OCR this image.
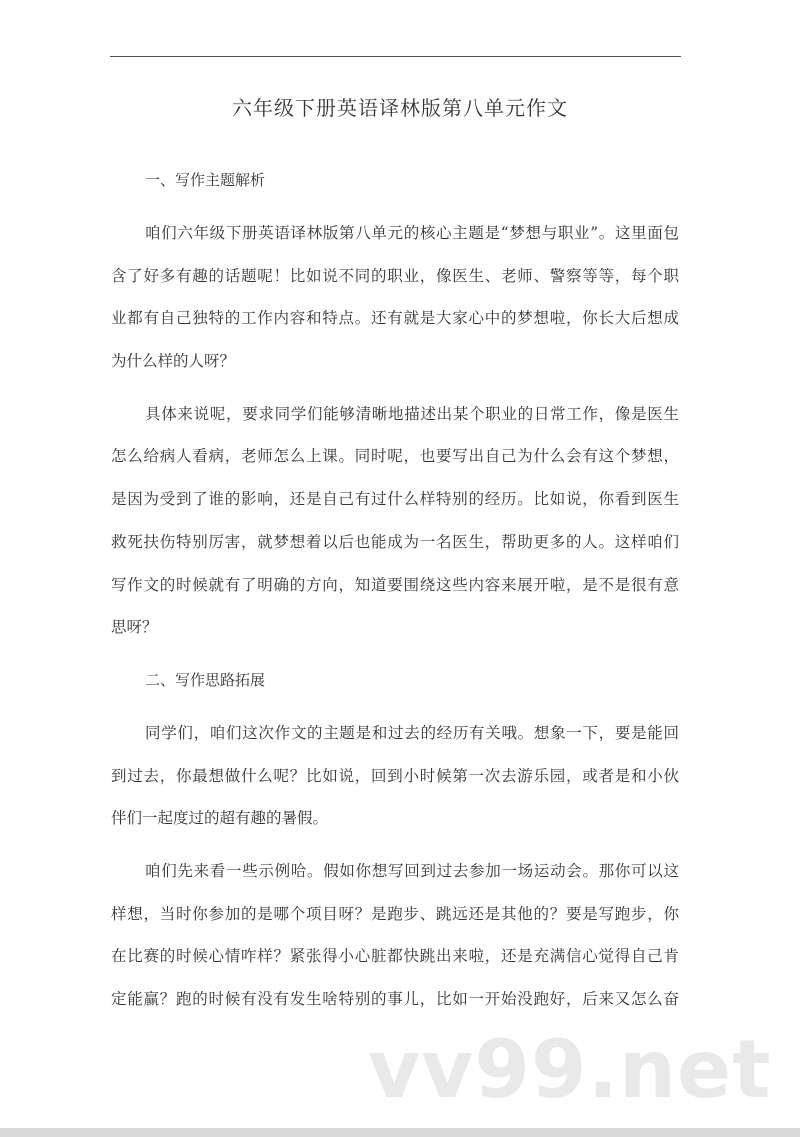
六年级下册英语译林版第八单元作文
一、写作主题解析
咱们六年级下册英语译林版第八单元的核心主题是“梦想与职业”。这里面包
含了好多有趣的话题呢！比如说不同的职业，像医生、老师、警察等等，每个职
业都有自己独特的工作内容和特点。还有就是大家心中的梦想啦，你长大后想成
为什么样的人呀？
具体来说呢，要求同学们能够清晰地描述出某个职业的日常工作，像是医生
怎么给病人看病，老师怎么上课。同时呢，也要写出自己为什么会有这个梦想，
是因为受到了谁的影响，还是自己有过什么样特别的经历。比如说，你看到医生
救死扶伤特别厉害，就梦想着以后也能成为一名医生，帮助更多的人。这样咱们
写作文的时候就有了明确的方向，知道要围绕这些内容来展开啦，是不是很有意
思呀？
二、写作思路拓展
同学们，咱们这次作文的主题是和过去的经历有关哦。想象一下，要是能回
到过去，你最想做什么呢？比如说，回到小时候第一次去游乐园，或者是和小伙
伴们一起度过的超有趣的暑假。
咱们先来看一些示例哈。假如你想写回到过去参加一场运动会。那你可以这
样想，当时你参加的是哪个项目呀？是跑步、跳远还是其他的？要是写跑步，你
在比赛的时候心情咋样？紧张得小心脏都快跳出来啦，还是充满信心觉得自己肯
定能赢？跑的时候有没有发生啥特别的事儿，比如一开始没跑好，后来又怎么奋
vv99.net
